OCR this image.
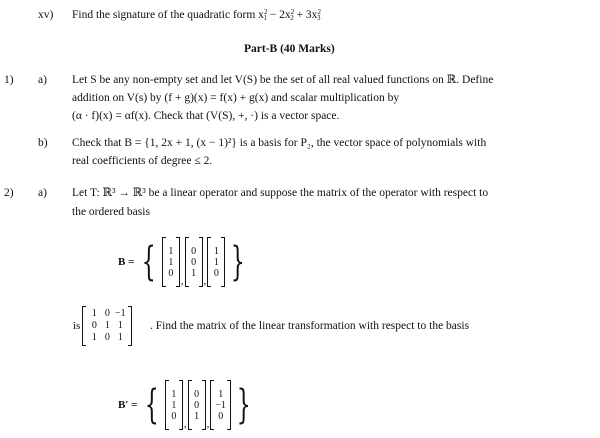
xv) Find the signature of the quadratic form $x^2_1 - 2x^2_2 + 3x^2_3$
Part-B (40 Marks)
1) a) Let S be any non-empty set and let V(S) be the set of all real valued functions on ℝ. Define
addition on V(s) by (f + g)(x) = f(x) + g(x) and scalar multiplication by
(α · f)(x) = αf(x). Check that (V(S), +, ·) is a vector space.
b) Check that B = {1, 2x + 1, (x − 1)²} is a basis for P₂, the vector space of polynomials with
real coefficients of degree ≤ 2.
2) a) Let T: ℝ³ → ℝ³ be a linear operator and suppose the matrix of the operator with respect to
the ordered basis
B = { 1
1
0
,
0
0
1
,
1
1
0 }
is
1 0 −1
0 1 1
1 0 1
. Find the matrix of the linear transformation with respect to the basis
B′ = { 1
1
0
,
0
0
1
,
1
−1
0 }
